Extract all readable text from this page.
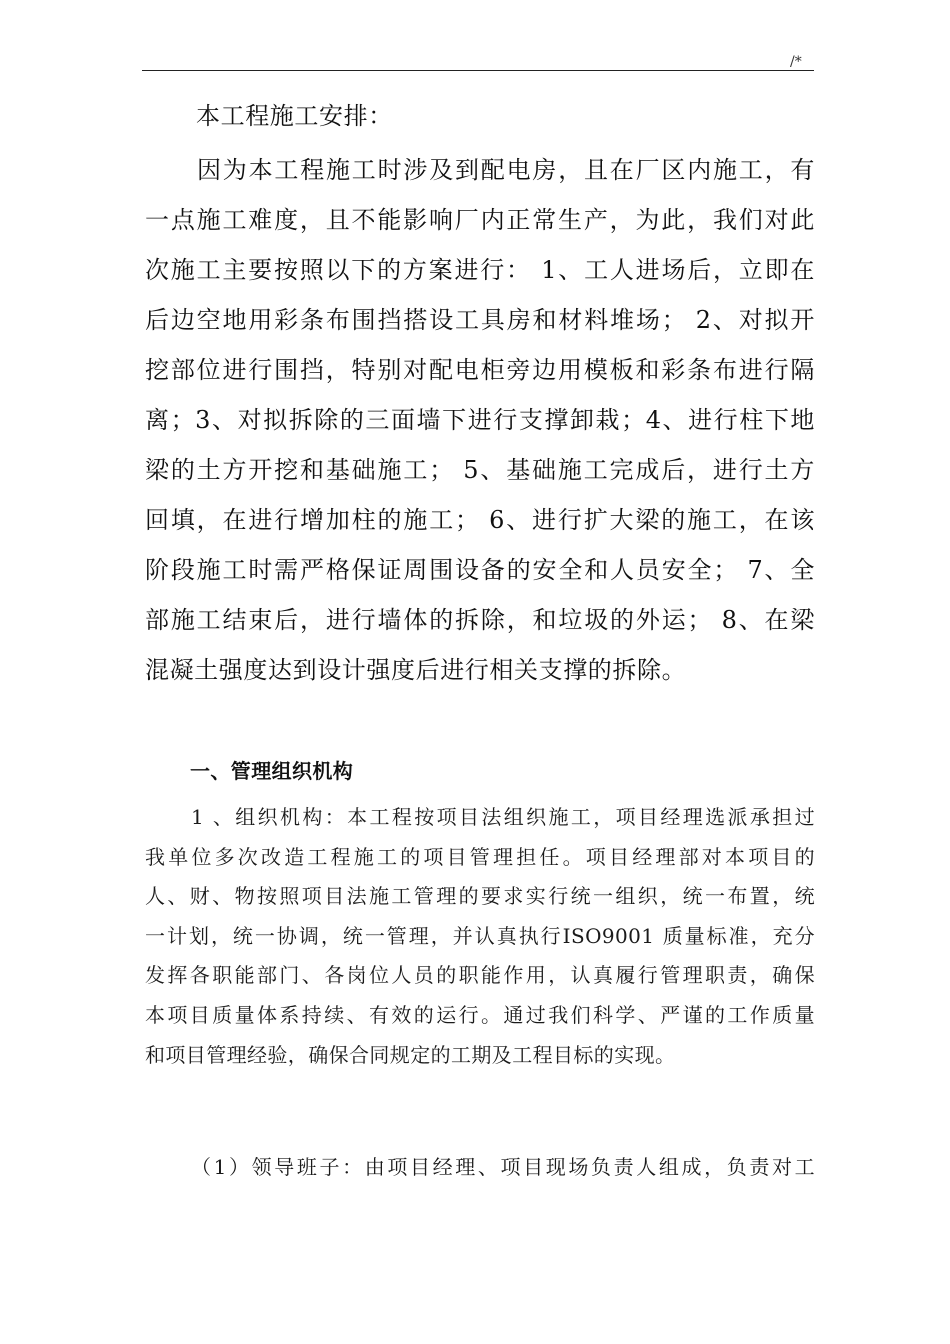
/*
本工程施工安排：
因为本工程施工时涉及到配电房，且在厂区内施工，有
一点施工难度，且不能影响厂内正常生产，为此，我们对此
次施工主要按照以下的方案进行： 1、工人进场后，立即在
后边空地用彩条布围挡搭设工具房和材料堆场； 2、对拟开
挖部位进行围挡，特别对配电柜旁边用模板和彩条布进行隔
离；3、对拟拆除的三面墙下进行支撑卸栽；4、进行柱下地
梁的土方开挖和基础施工； 5、基础施工完成后，进行土方
回填，在进行增加柱的施工； 6、进行扩大梁的施工，在该
阶段施工时需严格保证周围设备的安全和人员安全； 7、全
部施工结束后，进行墙体的拆除，和垃圾的外运； 8、在梁
混凝土强度达到设计强度后进行相关支撑的拆除。
一、管理组织机构
1 、组织机构：本工程按项目法组织施工，项目经理选派承担过
我单位多次改造工程施工的项目管理担任。项目经理部对本项目的
人、财、物按照项目法施工管理的要求实行统一组织，统一布置，统
一计划，统一协调，统一管理，并认真执行ISO9001 质量标准，充分
发挥各职能部门、各岗位人员的职能作用，认真履行管理职责，确保
本项目质量体系持续、有效的运行。通过我们科学、严谨的工作质量
和项目管理经验，确保合同规定的工期及工程目标的实现。
（1）领导班子：由项目经理、项目现场负责人组成，负责对工
